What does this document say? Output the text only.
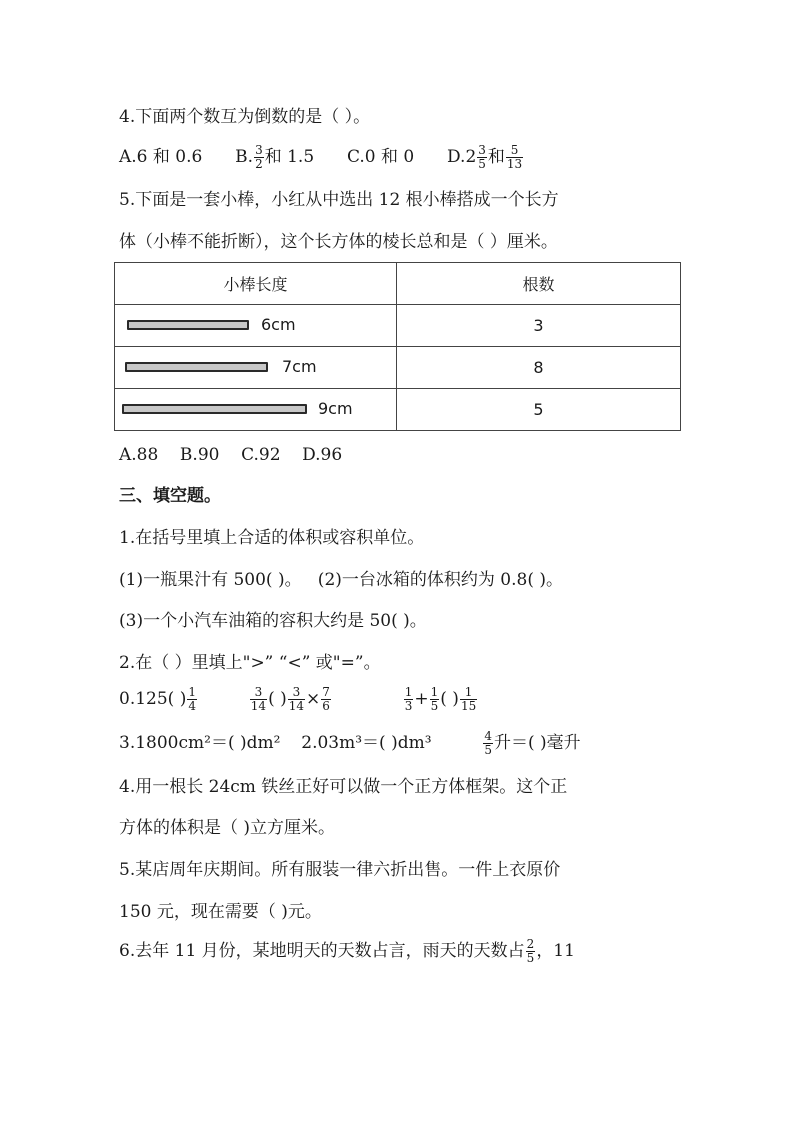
4.下面两个数互为倒数的是（ ）。
A.6 和 0.6 B. $\frac{3}{2}$ 和 1.5 C.0 和 0 $D.2 \frac{3}{5}$ 和 $\frac{5}{13}$
5.下面是一套小棒，小红从中选出 12 根小棒搭成一个长方
体（小棒不能折断），这个长方体的棱长总和是（ ）厘米。
小棒长度	根数

6cm	3

7cm	8

9cm	5
A.88    B.90    C.92    D.96
三、填空题。
1.在括号里填上合适的体积或容积单位。
(1)一瓶果汁有 500( )。   (2)一台冰箱的体积约为 0.8( )。
(3)一个小汽车油箱的容积大约是 50( )。
2.在（ ）里填上">” “<” 或"=”。
0.125( ) $\frac{1}{4}$
	$\frac{3}{14}$ ( ) $\frac{3}{14} \times \frac{7}{6}$
	$\frac{1}{3} + \frac{1}{5}$ ( ) $\frac{1}{15}$
3.1800cm²＝( )dm² 2.03m³＝( )dm³	$\frac{4}{5}$ 升＝( )毫升
4.用一根长 24cm 铁丝正好可以做一个正方体框架。这个正
方体的体积是（ )立方厘米。
5.某店周年庆期间。所有服装一律六折出售。一件上衣原价
150 元，现在需要（ )元。
6.去年 11 月份，某地明天的天数占言，雨天的天数占 $\frac{2}{5}$ ，11
